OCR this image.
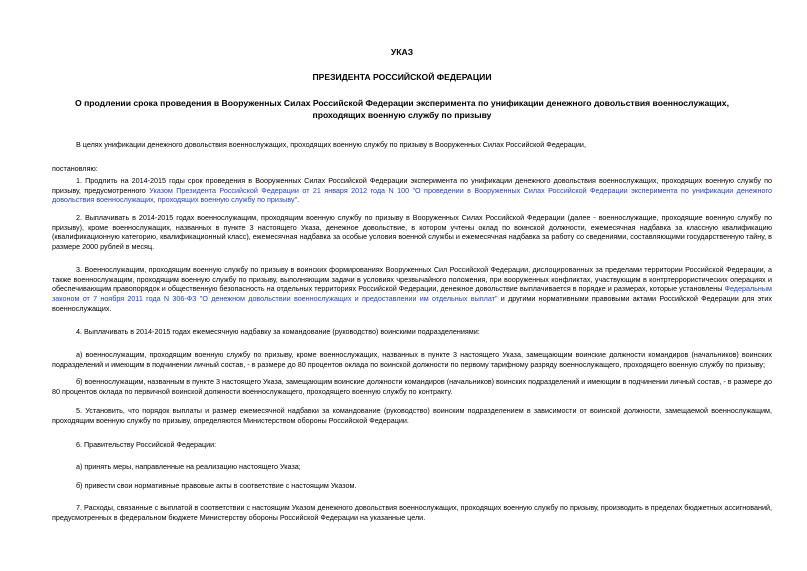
УКАЗ
ПРЕЗИДЕНТА РОССИЙСКОЙ ФЕДЕРАЦИИ
О продлении срока проведения в Вооруженных Силах Российской Федерации эксперимента по унификации денежного довольствия военнослужащих, проходящих военную службу по призыву
В целях унификации денежного довольствия военнослужащих, проходящих военную службу по призыву в Вооруженных Силах Российской Федерации,
постановляю:
1. Продлить на 2014-2015 годы срок проведения в Вооруженных Силах Российской Федерации эксперимента по унификации денежного довольствия военнослужащих, проходящих военную службу по призыву, предусмотренного Указом Президента Российской Федерации от 21 января 2012 года N 100 "О проведении в Вооруженных Силах Российской Федерации эксперимента по унификации денежного довольствия военнослужащих, проходящих военную службу по призыву".
2. Выплачивать в 2014-2015 годах военнослужащим, проходящим военную службу по призыву в Вооруженных Силах Российской Федерации (далее - военнослужащие, проходящие военную службу по призыву), кроме военнослужащих, названных в пункте 3 настоящего Указа, денежное довольствие, в котором учтены оклад по воинской должности, ежемесячная надбавка за классную квалификацию (квалификационную категорию, квалификационный класс), ежемесячная надбавка за особые условия военной службы и ежемесячная надбавка за работу со сведениями, составляющими государственную тайну, в размере 2000 рублей в месяц.
3. Военнослужащим, проходящим военную службу по призыву в воинских формированиях Вооруженных Сил Российской Федерации, дислоцированных за пределами территории Российской Федерации, а также военнослужащим, проходящим военную службу по призыву, выполняющим задачи в условиях чрезвычайного положения, при вооруженных конфликтах, участвующим в контртеррористических операциях и обеспечивающим правопорядок и общественную безопасность на отдельных территориях Российской Федерации, денежное довольствие выплачивается в порядке и размерах, которые установлены Федеральным законом от 7 ноября 2011 года N 306-ФЗ "О денежном довольствии военнослужащих и предоставлении им отдельных выплат" и другими нормативными правовыми актами Российской Федерации для этих военнослужащих.
4. Выплачивать в 2014-2015 годах ежемесячную надбавку за командование (руководство) воинскими подразделениями:
а) военнослужащим, проходящим военную службу по призыву, кроме военнослужащих, названных в пункте 3 настоящего Указа, замещающим воинские должности командиров (начальников) воинских подразделений и имеющим в подчинении личный состав, - в размере до 80 процентов оклада по воинской должности по первому тарифному разряду военнослужащего, проходящего военную службу по призыву;
б) военнослужащим, названным в пункте 3 настоящего Указа, замещающим воинские должности командиров (начальников) воинских подразделений и имеющим в подчинении личный состав, - в размере до 80 процентов оклада по первичной воинской должности военнослужащего, проходящего военную службу по контракту.
5. Установить, что порядок выплаты и размер ежемесячной надбавки за командование (руководство) воинским подразделением в зависимости от воинской должности, замещаемой военнослужащим, проходящим военную службу по призыву, определяются Министерством обороны Российской Федерации.
6. Правительству Российской Федерации:
а) принять меры, направленные на реализацию настоящего Указа;
б) привести свои нормативные правовые акты в соответствие с настоящим Указом.
7. Расходы, связанные с выплатой в соответствии с настоящим Указом денежного довольствия военнослужащих, проходящих военную службу по призыву, производить в пределах бюджетных ассигнований, предусмотренных в федеральном бюджете Министерству обороны Российской Федерации на указанные цели.
